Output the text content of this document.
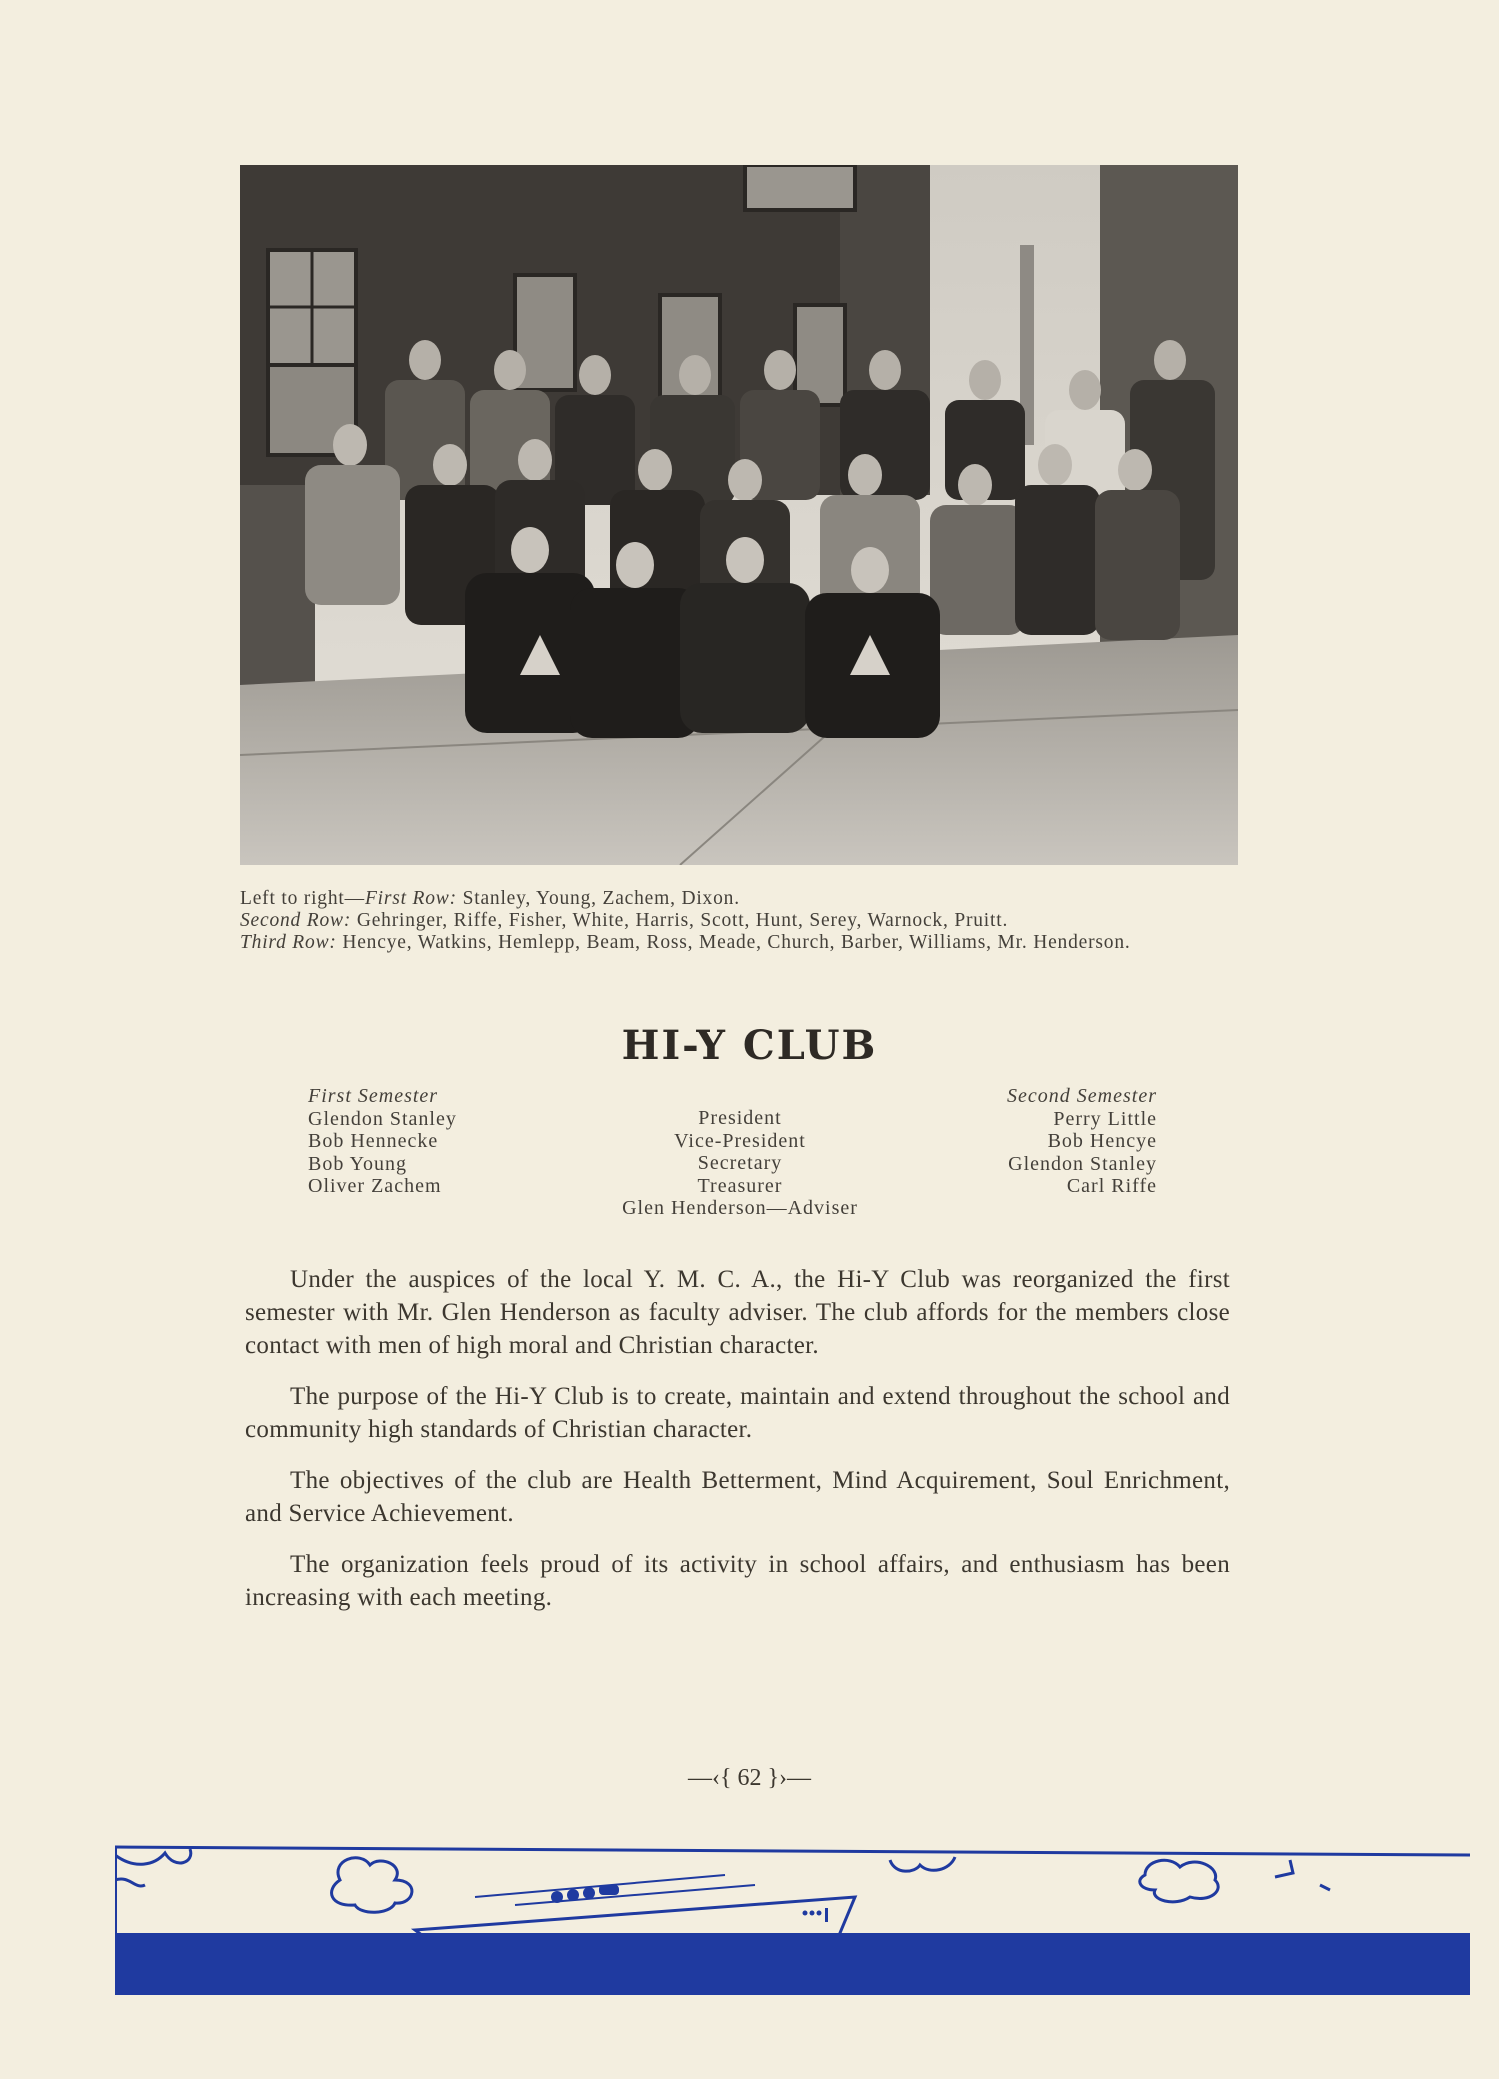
Left to right—First Row: Stanley, Young, Zachem, Dixon.

Second Row: Gehringer, Riffe, Fisher, White, Harris, Scott, Hunt, Serey, Warnock, Pruitt.

Third Row: Hencye, Watkins, Hemlepp, Beam, Ross, Meade, Church, Barber, Williams, Mr. Henderson.

HI-Y CLUB
First Semester
Glendon Stanley
Bob Hennecke
Bob Young
Oliver Zachem
President
Vice-President
Secretary
Treasurer
Glen Henderson—Adviser
Second Semester
Perry Little
Bob Hencye
Glendon Stanley
Carl Riffe

Under the auspices of the local Y. M. C. A., the Hi-Y Club was reorganized the first semester with Mr. Glen Henderson as faculty adviser. The club affords for the members close contact with men of high moral and Christian character.

The purpose of the Hi-Y Club is to create, maintain and extend throughout the school and community high standards of Christian character.

The objectives of the club are Health Betterment, Mind Acquirement, Soul Enrichment, and Service Achievement.

The organization feels proud of its activity in school affairs, and enthusiasm has been increasing with each meeting.

—‹{ 62 }›—
